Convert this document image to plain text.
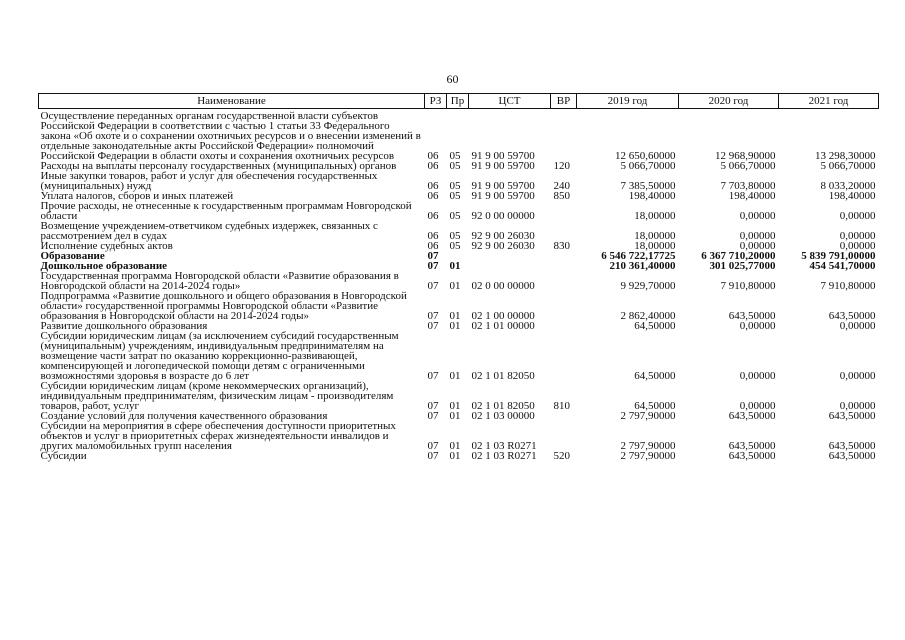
60
Наименование	РЗ	Пр	ЦСТ	ВР	2019 год	2020 год	2021 год
Осуществление переданных органам государственной власти субъектов Российской Федерации в соответствии с частью 1 статьи 33 Федерального закона «Об охоте и о сохранении охотничьих ресурсов и о внесении изменений в отдельные законодательные акты Российской Федерации» полномочий Российской Федерации в области охоты и сохранения охотничьих ресурсов	06	05	91 9 00 59700		12 650,60000	12 968,90000	13 298,30000
Расходы на выплаты персоналу государственных (муниципальных) органов	06	05	91 9 00 59700	120	5 066,70000	5 066,70000	5 066,70000
Иные закупки товаров, работ и услуг для обеспечения государственных (муниципальных) нужд	06	05	91 9 00 59700	240	7 385,50000	7 703,80000	8 033,20000
Уплата налогов, сборов и иных платежей	06	05	91 9 00 59700	850	198,40000	198,40000	198,40000
Прочие расходы, не отнесенные к государственным программам Новгородской области	06	05	92 0 00 00000		18,00000	0,00000	0,00000
Возмещение учреждением-ответчиком судебных издержек, связанных с рассмотрением дел в судах	06	05	92 9 00 26030		18,00000	0,00000	0,00000
Исполнение судебных актов	06	05	92 9 00 26030	830	18,00000	0,00000	0,00000
Образование	07				6 546 722,17725	6 367 710,20000	5 839 791,00000
Дошкольное образование	07	01			210 361,40000	301 025,77000	454 541,70000
Государственная программа Новгородской области «Развитие образования в Новгородской области на 2014-2024 годы»	07	01	02 0 00 00000		9 929,70000	7 910,80000	7 910,80000
Подпрограмма «Развитие дошкольного и общего образования в Новгородской области» государственной программы Новгородской области «Развитие образования в Новгородской области на 2014-2024 годы»	07	01	02 1 00 00000		2 862,40000	643,50000	643,50000
Развитие дошкольного образования	07	01	02 1 01 00000		64,50000	0,00000	0,00000
Субсидии юридическим лицам (за исключением субсидий государственным (муниципальным) учреждениям, индивидуальным предпринимателям на возмещение части затрат по оказанию коррекционно-развивающей, компенсирующей и логопедической помощи детям с ограниченными возможностями здоровья в возрасте до 6 лет	07	01	02 1 01 82050		64,50000	0,00000	0,00000
Субсидии юридическим лицам (кроме некоммерческих организаций), индивидуальным предпринимателям, физическим лицам - производителям товаров, работ, услуг	07	01	02 1 01 82050	810	64,50000	0,00000	0,00000
Создание условий для получения качественного образования	07	01	02 1 03 00000		2 797,90000	643,50000	643,50000
Субсидии на мероприятия в сфере обеспечения доступности приоритетных объектов и услуг в приоритетных сферах жизнедеятельности инвалидов и других маломобильных групп населения	07	01	02 1 03 R0271		2 797,90000	643,50000	643,50000
Субсидии	07	01	02 1 03 R0271	520	2 797,90000	643,50000	643,50000
